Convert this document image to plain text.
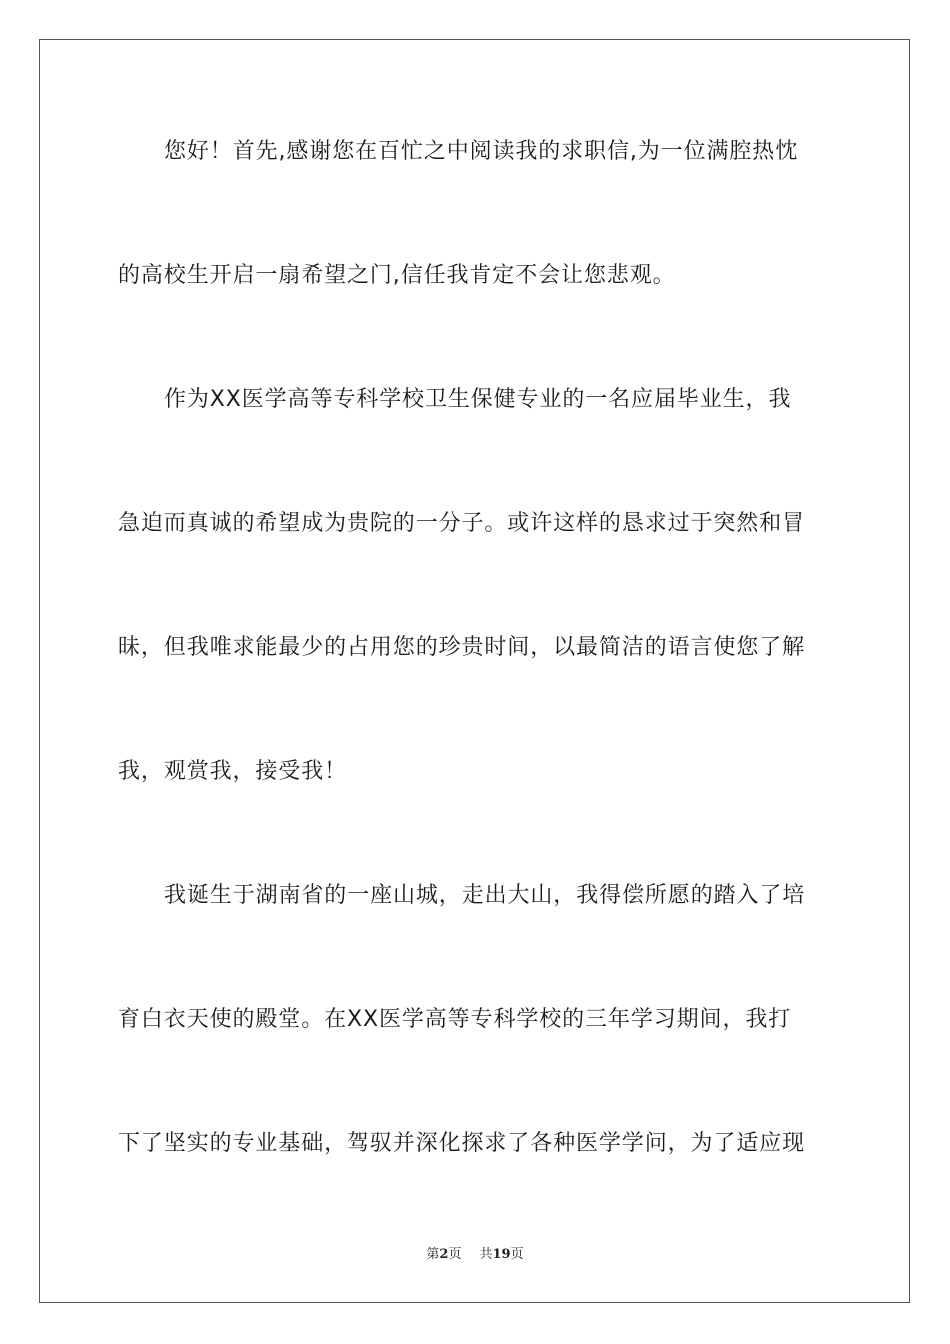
您好！首先,感谢您在百忙之中阅读我的求职信,为一位满腔热忱
的高校生开启一扇希望之门,信任我肯定不会让您悲观。
作为XX医学高等专科学校卫生保健专业的一名应届毕业生，我
急迫而真诚的希望成为贵院的一分子。或许这样的恳求过于突然和冒
昧，但我唯求能最少的占用您的珍贵时间，以最简洁的语言使您了解
我，观赏我，接受我！
我诞生于湖南省的一座山城，走出大山，我得偿所愿的踏入了培
育白衣天使的殿堂。在XX医学高等专科学校的三年学习期间，我打
下了坚实的专业基础，驾驭并深化探求了各种医学学问，为了适应现
第2页 共19页
